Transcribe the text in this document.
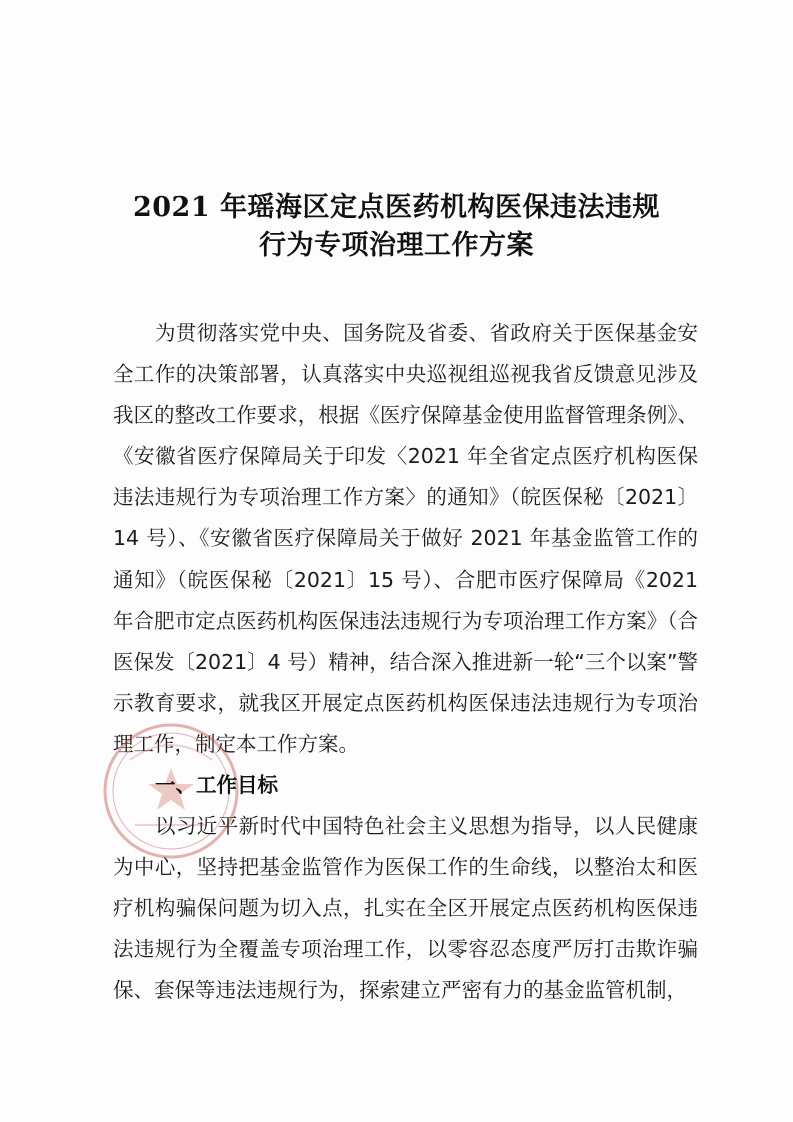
2021 年瑶海区定点医药机构医保违法违规
行为专项治理工作方案

为贯彻落实党中央、国务院及省委、省政府关于医保基金安全工作的决策部署，认真落实中央巡视组巡视我省反馈意见涉及我区的整改工作要求，根据《医疗保障基金使用监督管理条例》、《安徽省医疗保障局关于印发〈2021 年全省定点医疗机构医保违法违规行为专项治理工作方案〉的通知》（皖医保秘〔2021〕14 号）、《安徽省医疗保障局关于做好 2021 年基金监管工作的通知》（皖医保秘〔2021〕15 号）、合肥市医疗保障局《2021 年合肥市定点医药机构医保违法违规行为专项治理工作方案》（合医保发〔2021〕4 号）精神，结合深入推进新一轮“三个以案”警示教育要求，就我区开展定点医药机构医保违法违规行为专项治理工作，制定本工作方案。

一、工作目标

以习近平新时代中国特色社会主义思想为指导，以人民健康为中心，坚持把基金监管作为医保工作的生命线，以整治太和医疗机构骗保问题为切入点，扎实在全区开展定点医药机构医保违法违规行为全覆盖专项治理工作，以零容忍态度严厉打击欺诈骗保、套保等违法违规行为，探索建立严密有力的基金监管机制，
